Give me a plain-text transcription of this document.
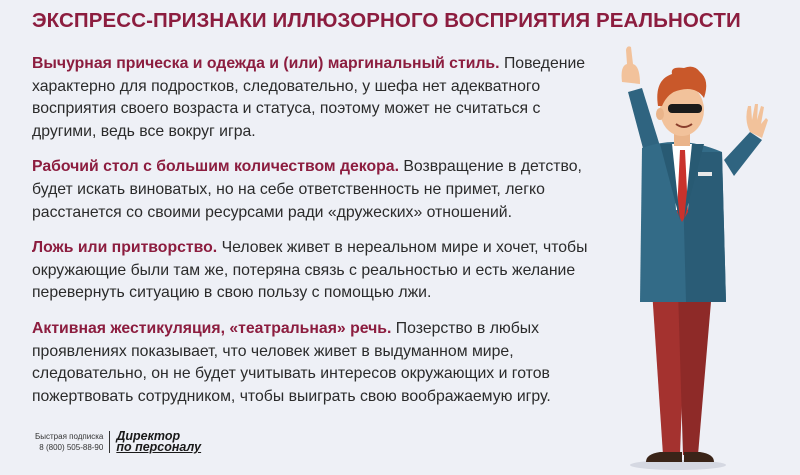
ЭКСПРЕСС-ПРИЗНАКИ ИЛЛЮЗОРНОГО ВОСПРИЯТИЯ РЕАЛЬНОСТИ

Вычурная прическа и одежда и (или) маргинальный стиль. Поведение характерно для подростков, следовательно, у шефа нет адекватного восприятия своего возраста и статуса, поэтому может не считаться с другими, ведь все вокруг игра.

Рабочий стол с большим количеством декора. Возвращение в детство, будет искать виноватых, но на себе ответственность не примет, легко расстанется со своими ресурсами ради «дружеских» отношений.

Ложь или притворство. Человек живет в нереальном мире и хочет, чтобы окружающие были там же, потеряна связь с реальностью и есть желание перевернуть ситуацию в свою пользу с помощью лжи.

Активная жестикуляция, «театральная» речь. Позерство в любых проявлениях показывает, что человек живет в выдуманном мире, следовательно, он не будет учитывать интересов окружающих и готов пожертвовать сотрудником, чтобы выиграть свою воображаемую игру.

Быстрая подписка
8 (800) 505-88-90
Директор
по персоналу
